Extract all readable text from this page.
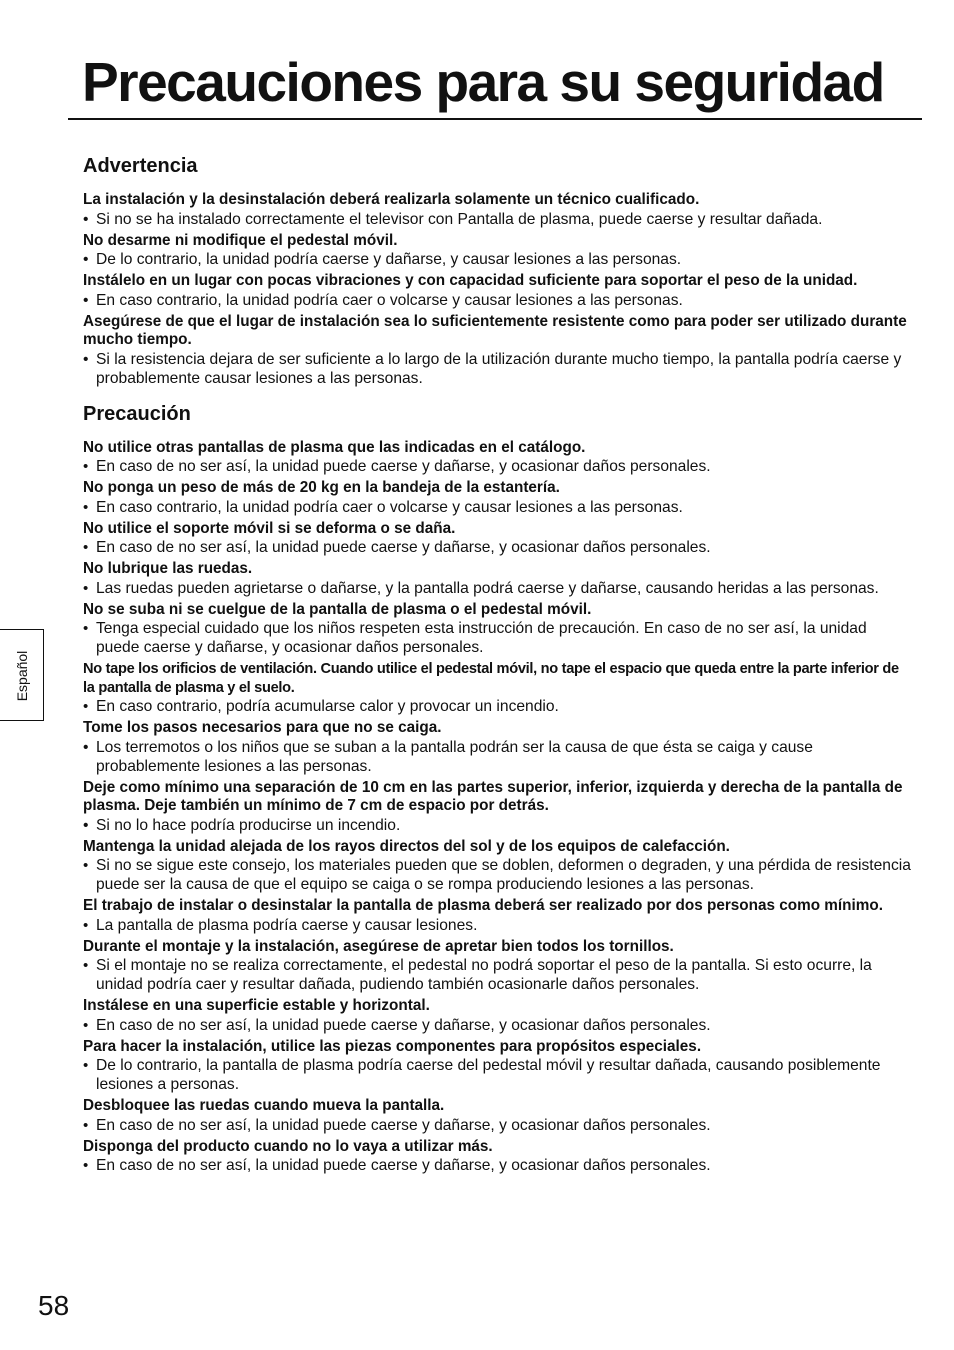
Precauciones para su seguridad
Advertencia

La instalación y la desinstalación deberá realizarla solamente un técnico cualificado.

• Si no se ha instalado correctamente el televisor con Pantalla de plasma, puede caerse y resultar dañada.

No desarme ni modifique el pedestal móvil.

• De lo contrario, la unidad podría caerse y dañarse, y causar lesiones a las personas.

Instálelo en un lugar con pocas vibraciones y con capacidad suficiente para soportar el peso de la unidad.

• En caso contrario, la unidad podría caer o volcarse y causar lesiones a las personas.

Asegúrese de que el lugar de instalación sea lo suficientemente resistente como para poder ser utilizado durante mucho tiempo.

• Si la resistencia dejara de ser suficiente a lo largo de la utilización durante mucho tiempo, la pantalla podría caerse y probablemente causar lesiones a las personas.

Precaución

No utilice otras pantallas de plasma que las indicadas en el catálogo.

• En caso de no ser así, la unidad puede caerse y dañarse, y ocasionar daños personales.

No ponga un peso de más de 20 kg en la bandeja de la estantería.

• En caso contrario, la unidad podría caer o volcarse y causar lesiones a las personas.

No utilice el soporte móvil si se deforma o se daña.

• En caso de no ser así, la unidad puede caerse y dañarse, y ocasionar daños personales.

No lubrique las ruedas.

• Las ruedas pueden agrietarse o dañarse, y la pantalla podrá caerse y dañarse, causando heridas a las personas.

No se suba ni se cuelgue de la pantalla de plasma o el pedestal móvil.

• Tenga especial cuidado que los niños respeten esta instrucción de precaución. En caso de no ser así, la unidad puede caerse y dañarse, y ocasionar daños personales.

No tape los orificios de ventilación. Cuando utilice el pedestal móvil, no tape el espacio que queda entre la parte inferior de la pantalla de plasma y el suelo.

• En caso contrario, podría acumularse calor y provocar un incendio.

Tome los pasos necesarios para que no se caiga.

• Los terremotos o los niños que se suban a la pantalla podrán ser la causa de que ésta se caiga y cause probablemente lesiones a las personas.

Deje como mínimo una separación de 10 cm en las partes superior, inferior, izquierda y derecha de la pantalla de plasma. Deje también un mínimo de 7 cm de espacio por detrás.

• Si no lo hace podría producirse un incendio.

Mantenga la unidad alejada de los rayos directos del sol y de los equipos de calefacción.

• Si no se sigue este consejo, los materiales pueden que se doblen, deformen o degraden, y una pérdida de resistencia puede ser la causa de que el equipo se caiga o se rompa produciendo lesiones a las personas.

El trabajo de instalar o desinstalar la pantalla de plasma deberá ser realizado por dos personas como mínimo.

• La pantalla de plasma podría caerse y causar lesiones.

Durante el montaje y la instalación, asegúrese de apretar bien todos los tornillos.

• Si el montaje no se realiza correctamente, el pedestal no podrá soportar el peso de la pantalla. Si esto ocurre, la unidad podría caer y resultar dañada, pudiendo también ocasionarle daños personales.

Instálese en una superficie estable y horizontal.

• En caso de no ser así, la unidad puede caerse y dañarse, y ocasionar daños personales.

Para hacer la instalación, utilice las piezas componentes para propósitos especiales.

• De lo contrario, la pantalla de plasma podría caerse del pedestal móvil y resultar dañada, causando posiblemente lesiones a personas.

Desbloquee las ruedas cuando mueva la pantalla.

• En caso de no ser así, la unidad puede caerse y dañarse, y ocasionar daños personales.

Disponga del producto cuando no lo vaya a utilizar más.

• En caso de no ser así, la unidad puede caerse y dañarse, y ocasionar daños personales.

Español
58
